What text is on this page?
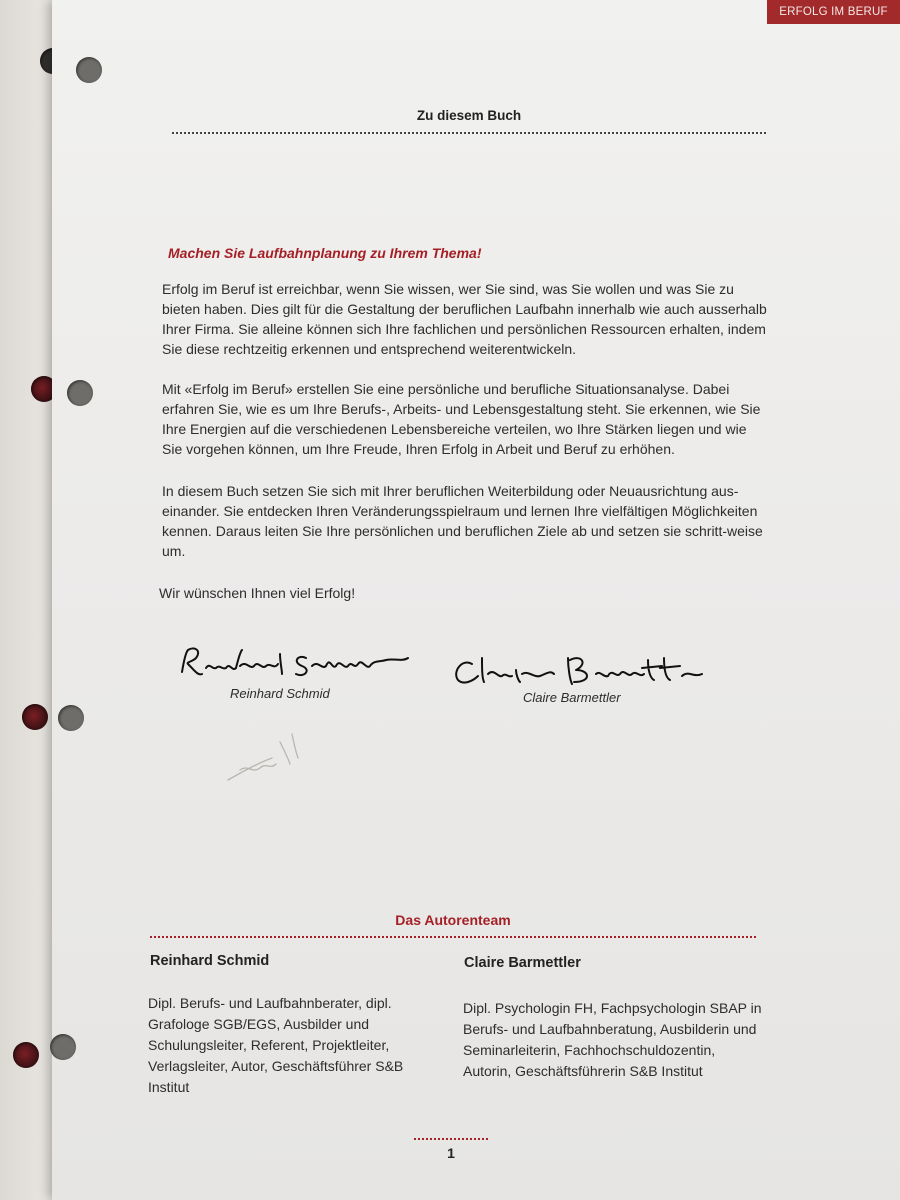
ERFOLG IM BERUF
Zu diesem Buch
Machen Sie Laufbahnplanung zu Ihrem Thema!
Erfolg im Beruf ist erreichbar, wenn Sie wissen, wer Sie sind, was Sie wollen und was Sie zu bieten haben. Dies gilt für die Gestaltung der beruflichen Laufbahn innerhalb wie auch ausserhalb Ihrer Firma. Sie alleine können sich Ihre fachlichen und persönlichen Ressourcen erhalten, indem Sie diese rechtzeitig erkennen und entsprechend weiterentwickeln.
Mit «Erfolg im Beruf» erstellen Sie eine persönliche und berufliche Situationsanalyse. Dabei erfahren Sie, wie es um Ihre Berufs-, Arbeits- und Lebensgestaltung steht. Sie erkennen, wie Sie Ihre Energien auf die verschiedenen Lebensbereiche verteilen, wo Ihre Stärken liegen und wie Sie vorgehen können, um Ihre Freude, Ihren Erfolg in Arbeit und Beruf zu erhöhen.
In diesem Buch setzen Sie sich mit Ihrer beruflichen Weiterbildung oder Neuausrichtung aus-einander. Sie entdecken Ihren Veränderungsspielraum und lernen Ihre vielfältigen Möglichkeiten kennen. Daraus leiten Sie Ihre persönlichen und beruflichen Ziele ab und setzen sie schritt-weise um.
Wir wünschen Ihnen viel Erfolg!
Reinhard Schmid	Claire Barmettler
Das Autorenteam
Reinhard Schmid
Dipl. Berufs- und Laufbahnberater, dipl. Grafologe SGB/EGS, Ausbilder und Schulungsleiter, Referent, Projektleiter, Verlagsleiter, Autor, Geschäftsführer S&B Institut
Claire Barmettler
Dipl. Psychologin FH, Fachpsychologin SBAP in Berufs- und Laufbahnberatung, Ausbilderin und Seminarleiterin, Fachhochschuldozentin, Autorin, Geschäftsführerin S&B Institut
1
